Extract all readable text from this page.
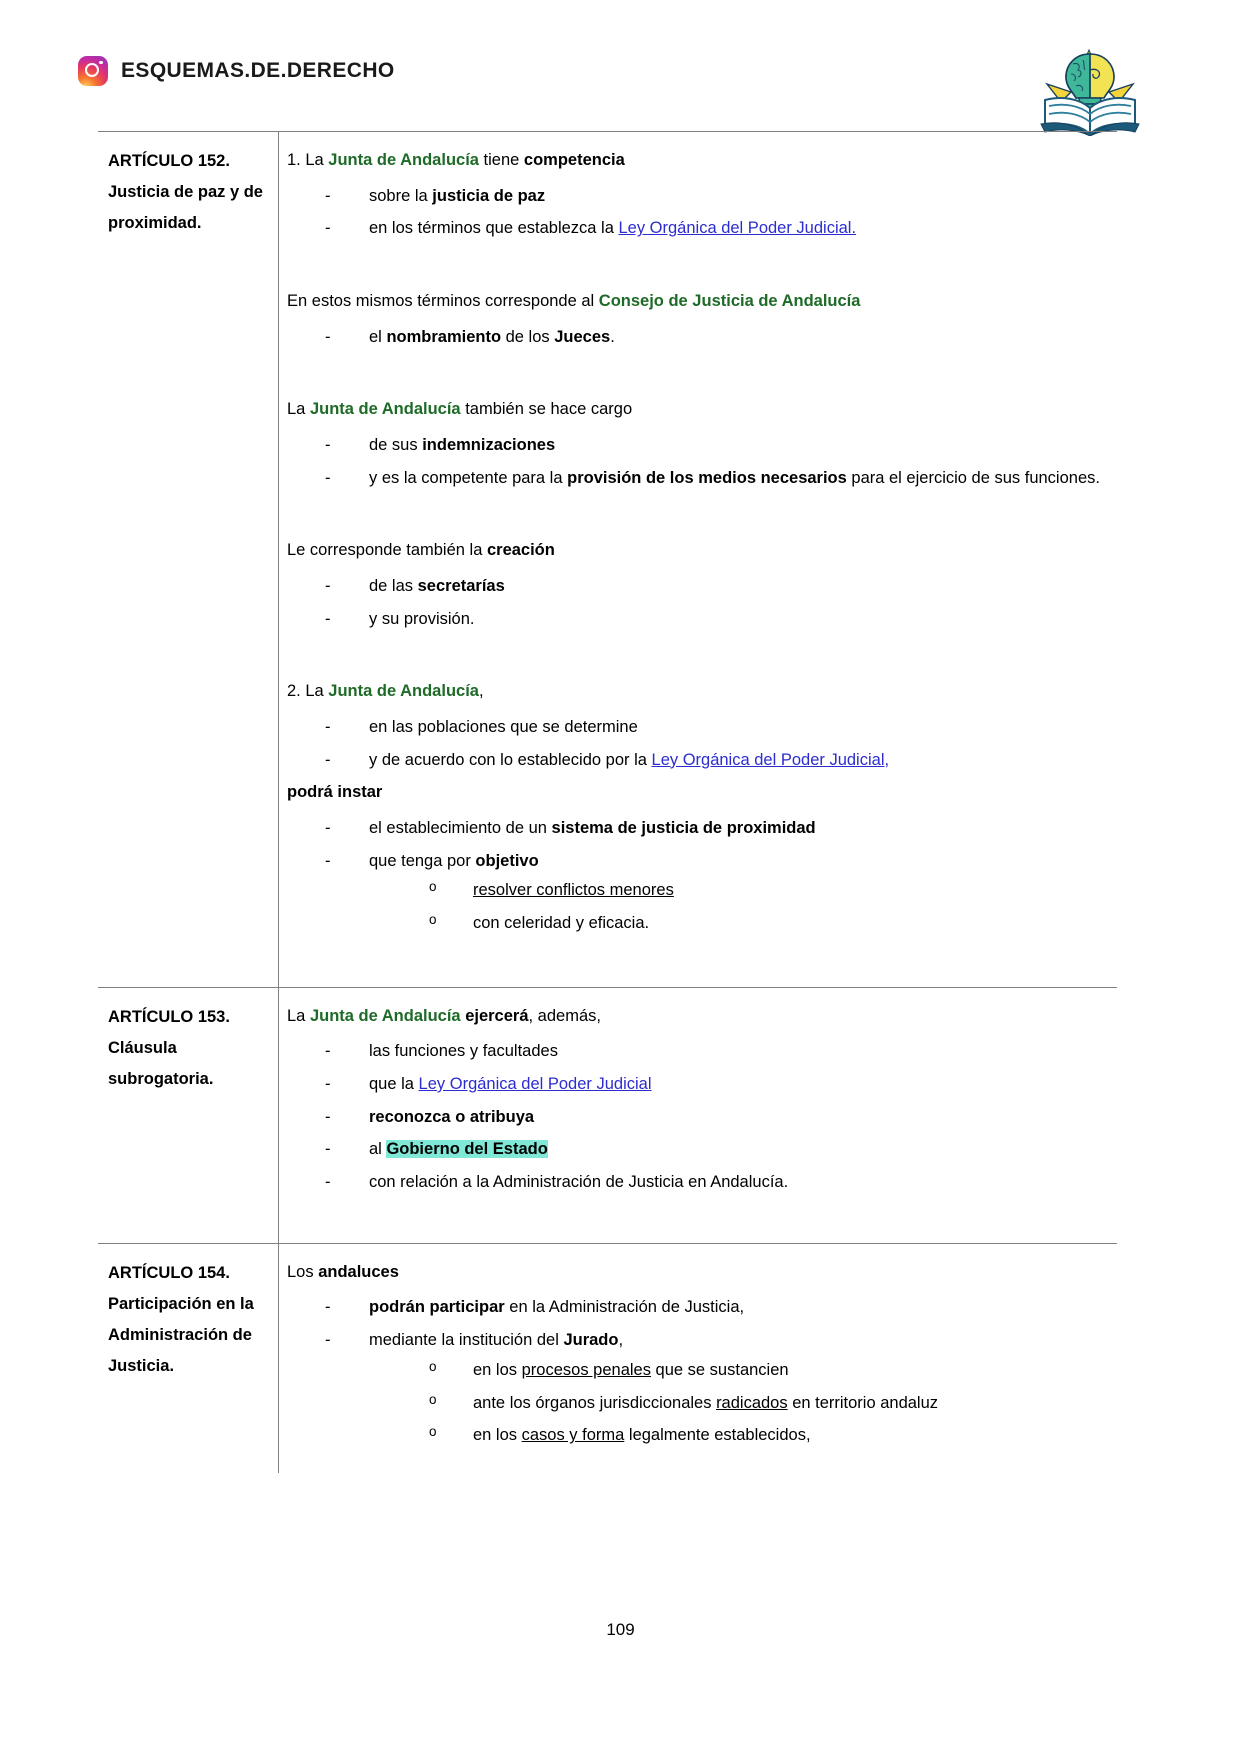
ESQUEMAS.DE.DERECHO
ARTÍCULO 152.
Justicia de paz y de
proximidad.

1. La Junta de Andalucía tiene competencia

- sobre la justicia de paz
- en los términos que establezca la Ley Orgánica del Poder Judicial.

En estos mismos términos corresponde al Consejo de Justicia de Andalucía

- el nombramiento de los Jueces.

La Junta de Andalucía también se hace cargo

- de sus indemnizaciones
- y es la competente para la provisión de los medios necesarios para el ejercicio de sus funciones.

Le corresponde también la creación

- de las secretarías
- y su provisión.

2. La Junta de Andalucía,

- en las poblaciones que se determine
- y de acuerdo con lo establecido por la Ley Orgánica del Poder Judicial,

podrá instar

- el establecimiento de un sistema de justicia de proximidad
- que tenga por objetivo
o resolver conflictos menores
o con celeridad y eficacia.
ARTÍCULO 153.
Cláusula
subrogatoria.

La Junta de Andalucía ejercerá, además,

- las funciones y facultades
- que la Ley Orgánica del Poder Judicial
- reconozca o atribuya
- al Gobierno del Estado
- con relación a la Administración de Justicia en Andalucía.
ARTÍCULO 154.
Participación en la
Administración de
Justicia.

Los andaluces

- podrán participar en la Administración de Justicia,
- mediante la institución del Jurado,
o en los procesos penales que se sustancien
o ante los órganos jurisdiccionales radicados en territorio andaluz
o en los casos y forma legalmente establecidos,
109
